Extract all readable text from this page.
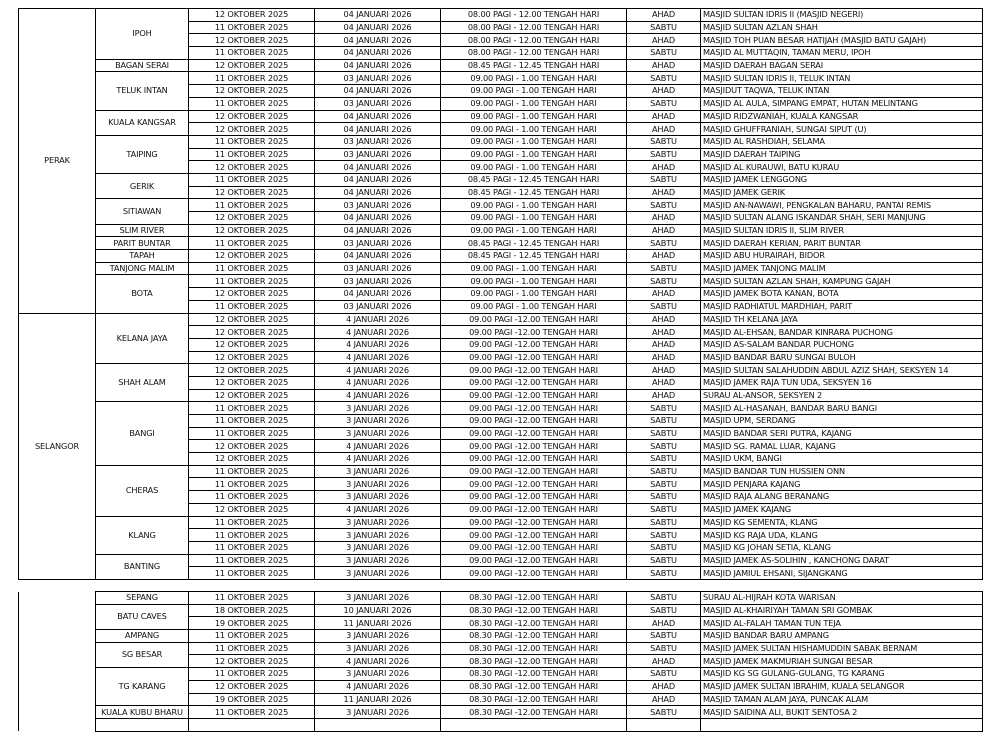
PERAK	IPOH	12 OKTOBER 2025	04 JANUARI 2026	08.00 PAGI - 12.00 TENGAH HARI	AHAD	MASJID SULTAN IDRIS II (MASJID NEGERI)
		11 OKTOBER 2025	04 JANUARI 2026	08.00 PAGI - 12.00 TENGAH HARI	SABTU	MASJID SULTAN AZLAN SHAH
		12 OKTOBER 2025	04 JANUARI 2026	08.00 PAGI - 12.00 TENGAH HARI	AHAD	MASJID TOH PUAN BESAR HATIJAH (MASJID BATU GAJAH)
		11 OKTOBER 2025	04 JANUARI 2026	08.00 PAGI - 12.00 TENGAH HARI	SABTU	MASJID AL MUTTAQIN, TAMAN MERU, IPOH
	BAGAN SERAI	12 OKTOBER 2025	04 JANUARI 2026	08.45 PAGI - 12.45 TENGAH HARI	AHAD	MASJID DAERAH BAGAN SERAI
	TELUK INTAN	11 OKTOBER 2025	03 JANUARI 2026	09.00 PAGI - 1.00 TENGAH HARI	SABTU	MASJID SULTAN IDRIS II, TELUK INTAN
		12 OKTOBER 2025	04 JANUARI 2026	09.00 PAGI - 1.00 TENGAH HARI	AHAD	MASJIDUT TAQWA, TELUK INTAN
		11 OKTOBER 2025	03 JANUARI 2026	09.00 PAGI - 1.00 TENGAH HARI	SABTU	MASJID AL AULA, SIMPANG EMPAT, HUTAN MELINTANG
	KUALA KANGSAR	12 OKTOBER 2025	04 JANUARI 2026	09.00 PAGI - 1.00 TENGAH HARI	AHAD	MASJID RIDZWANIAH, KUALA KANGSAR
		12 OKTOBER 2025	04 JANUARI 2026	09.00 PAGI - 1.00 TENGAH HARI	AHAD	MASJID GHUFFRANIAH, SUNGAI SIPUT (U)
	TAIPING	11 OKTOBER 2025	03 JANUARI 2026	09.00 PAGI - 1.00 TENGAH HARI	SABTU	MASJID AL RASHDIAH, SELAMA
		11 OKTOBER 2025	03 JANUARI 2026	09.00 PAGI - 1.00 TENGAH HARI	SABTU	MASJID DAERAH TAIPING
		12 OKTOBER 2025	04 JANUARI 2026	09.00 PAGI - 1.00 TENGAH HARI	AHAD	MASJID AL KURAUWI, BATU KURAU
	GERIK	11 OKTOBER 2025	04 JANUARI 2026	08.45 PAGI - 12.45 TENGAH HARI	SABTU	MASJID JAMEK LENGGONG
		12 OKTOBER 2025	04 JANUARI 2026	08.45 PAGI - 12.45 TENGAH HARI	AHAD	MASJID JAMEK GERIK
	SITIAWAN	11 OKTOBER 2025	03 JANUARI 2026	09.00 PAGI - 1.00 TENGAH HARI	SABTU	MASJID AN-NAWAWI, PENGKALAN BAHARU, PANTAI REMIS
		12 OKTOBER 2025	04 JANUARI 2026	09.00 PAGI - 1.00 TENGAH HARI	AHAD	MASJID SULTAN ALANG ISKANDAR SHAH, SERI MANJUNG
	SLIM RIVER	12 OKTOBER 2025	04 JANUARI 2026	09.00 PAGI - 1.00 TENGAH HARI	AHAD	MASJID SULTAN IDRIS II, SLIM RIVER
	PARIT BUNTAR	11 OKTOBER 2025	03 JANUARI 2026	08.45 PAGI - 12.45 TENGAH HARI	SABTU	MASJID DAERAH KERIAN, PARIT BUNTAR
	TAPAH	12 OKTOBER 2025	04 JANUARI 2026	08.45 PAGI - 12.45 TENGAH HARI	AHAD	MASJID ABU HURAIRAH, BIDOR
	TANJONG MALIM	11 OKTOBER 2025	03 JANUARI 2026	09.00 PAGI - 1.00 TENGAH HARI	SABTU	MASJID JAMEK TANJONG MALIM
	BOTA	11 OKTOBER 2025	03 JANUARI 2026	09.00 PAGI - 1.00 TENGAH HARI	SABTU	MASJID SULTAN AZLAN SHAH, KAMPUNG GAJAH
		12 OKTOBER 2025	04 JANUARI 2026	09.00 PAGI - 1.00 TENGAH HARI	AHAD	MASJID JAMEK BOTA KANAN, BOTA
		11 OKTOBER 2025	03 JANUARI 2026	09.00 PAGI - 1.00 TENGAH HARI	SABTU	MASJID RADHIATUL MARDHIAH, PARIT
SELANGOR	KELANA JAYA	12 OKTOBER 2025	4 JANUARI 2026	09.00 PAGI -12.00 TENGAH HARI	AHAD	MASJID TH KELANA JAYA
		12 OKTOBER 2025	4 JANUARI 2026	09.00 PAGI -12.00 TENGAH HARI	AHAD	MASJID AL-EHSAN, BANDAR KINRARA PUCHONG
		12 OKTOBER 2025	4 JANUARI 2026	09.00 PAGI -12.00 TENGAH HARI	AHAD	MASJID AS-SALAM BANDAR PUCHONG
		12 OKTOBER 2025	4 JANUARI 2026	09.00 PAGI -12.00 TENGAH HARI	AHAD	MASJID BANDAR BARU SUNGAI BULOH
	SHAH ALAM	12 OKTOBER 2025	4 JANUARI 2026	09.00 PAGI -12.00 TENGAH HARI	AHAD	MASJID SULTAN SALAHUDDIN ABDUL AZIZ SHAH, SEKSYEN 14
		12 OKTOBER 2025	4 JANUARI 2026	09.00 PAGI -12.00 TENGAH HARI	AHAD	MASJID JAMEK RAJA TUN UDA, SEKSYEN 16
		12 OKTOBER 2025	4 JANUARI 2026	09.00 PAGI -12.00 TENGAH HARI	AHAD	SURAU AL-ANSOR, SEKSYEN 2
	BANGI	11 OKTOBER 2025	3 JANUARI 2026	09.00 PAGI -12.00 TENGAH HARI	SABTU	MASJID AL-HASANAH, BANDAR BARU BANGI
		11 OKTOBER 2025	3 JANUARI 2026	09.00 PAGI -12.00 TENGAH HARI	SABTU	MASJID UPM, SERDANG
		11 OKTOBER 2025	3 JANUARI 2026	09.00 PAGI -12.00 TENGAH HARI	SABTU	MASJID BANDAR SERI PUTRA, KAJANG
		12 OKTOBER 2025	4 JANUARI 2026	09.00 PAGI -12.00 TENGAH HARI	SABTU	MASJID SG. RAMAL LUAR, KAJANG
		12 OKTOBER 2025	4 JANUARI 2026	09.00 PAGI -12.00 TENGAH HARI	SABTU	MASJID UKM, BANGI
	CHERAS	11 OKTOBER 2025	3 JANUARI 2026	09.00 PAGI -12.00 TENGAH HARI	SABTU	MASJID BANDAR TUN HUSSIEN ONN
		11 OKTOBER 2025	3 JANUARI 2026	09.00 PAGI -12.00 TENGAH HARI	SABTU	MASJID PENJARA KAJANG
		11 OKTOBER 2025	3 JANUARI 2026	09.00 PAGI -12.00 TENGAH HARI	SABTU	MASJID RAJA ALANG BERANANG
		12 OKTOBER 2025	4 JANUARI 2026	09.00 PAGI -12.00 TENGAH HARI	SABTU	MASJID JAMEK KAJANG
	KLANG	11 OKTOBER 2025	3 JANUARI 2026	09.00 PAGI -12.00 TENGAH HARI	SABTU	MASJID KG SEMENTA, KLANG
		11 OKTOBER 2025	3 JANUARI 2026	09.00 PAGI -12.00 TENGAH HARI	SABTU	MASJID KG RAJA UDA, KLANG
		11 OKTOBER 2025	3 JANUARI 2026	09.00 PAGI -12.00 TENGAH HARI	SABTU	MASJID KG JOHAN SETIA, KLANG
	BANTING	11 OKTOBER 2025	3 JANUARI 2026	09.00 PAGI -12.00 TENGAH HARI	SABTU	MASJID JAMEK AS-SOLIHIN , KANCHONG DARAT
		11 OKTOBER 2025	3 JANUARI 2026	09.00 PAGI -12.00 TENGAH HARI	SABTU	MASJID JAMIUL EHSANI, SIJANGKANG
	SEPANG	11 OKTOBER 2025	3 JANUARI 2026	08.30 PAGI -12.00 TENGAH HARI	SABTU	SURAU AL-HIJRAH KOTA WARISAN
	BATU CAVES	18 OKTOBER 2025	10 JANUARI 2026	08.30 PAGI -12.00 TENGAH HARI	SABTU	MASJID AL-KHAIRIYAH TAMAN SRI GOMBAK
		19 OKTOBER 2025	11 JANUARI 2026	08.30 PAGI -12.00 TENGAH HARI	AHAD	MASJID AL-FALAH TAMAN TUN TEJA
	AMPANG	11 OKTOBER 2025	3 JANUARI 2026	08.30 PAGI -12.00 TENGAH HARI	SABTU	MASJID BANDAR BARU AMPANG
	SG BESAR	11 OKTOBER 2025	3 JANUARI 2026	08.30 PAGI -12.00 TENGAH HARI	SABTU	MASJID JAMEK SULTAN HISHAMUDDIN SABAK BERNAM
		12 OKTOBER 2025	4 JANUARI 2026	08.30 PAGI -12.00 TENGAH HARI	AHAD	MASJID JAMEK MAKMURIAH SUNGAI BESAR
	TG KARANG	11 OKTOBER 2025	3 JANUARI 2026	08.30 PAGI -12.00 TENGAH HARI	SABTU	MASJID KG SG GULANG-GULANG, TG KARANG
		12 OKTOBER 2025	4 JANUARI 2026	08.30 PAGI -12.00 TENGAH HARI	AHAD	MASJID JAMEK SULTAN IBRAHIM, KUALA SELANGOR
		19 OKTOBER 2025	11 JANUARI 2026	08.30 PAGI -12.00 TENGAH HARI	AHAD	MASJID TAMAN ALAM JAYA, PUNCAK ALAM
	KUALA KUBU BHARU	11 OKTOBER 2025	3 JANUARI 2026	08.30 PAGI -12.00 TENGAH HARI	SABTU	MASJID SAIDINA ALI, BUKIT SENTOSA 2
